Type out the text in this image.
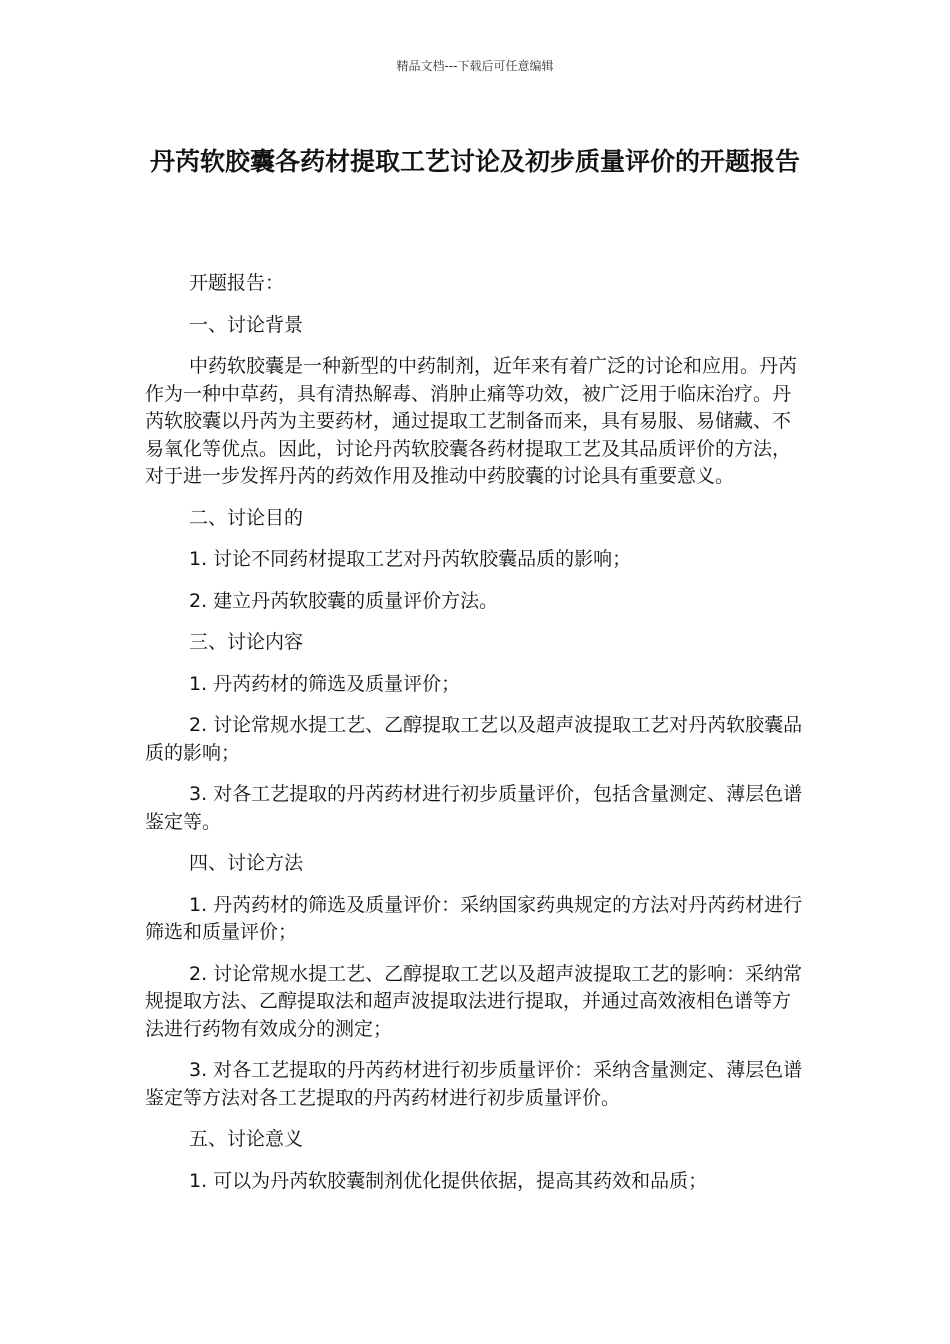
精品文档---下载后可任意编辑
丹芮软胶囊各药材提取工艺讨论及初步质量评价的开题报告

开题报告：

一、讨论背景

中药软胶囊是一种新型的中药制剂，近年来有着广泛的讨论和应用。丹芮作为一种中草药，具有清热解毒、消肿止痛等功效，被广泛用于临床治疗。丹芮软胶囊以丹芮为主要药材，通过提取工艺制备而来，具有易服、易储藏、不易氧化等优点。因此，讨论丹芮软胶囊各药材提取工艺及其品质评价的方法，对于进一步发挥丹芮的药效作用及推动中药胶囊的讨论具有重要意义。

二、讨论目的

1. 讨论不同药材提取工艺对丹芮软胶囊品质的影响；

2. 建立丹芮软胶囊的质量评价方法。

三、讨论内容

1. 丹芮药材的筛选及质量评价；

2. 讨论常规水提工艺、乙醇提取工艺以及超声波提取工艺对丹芮软胶囊品质的影响；

3. 对各工艺提取的丹芮药材进行初步质量评价，包括含量测定、薄层色谱鉴定等。

四、讨论方法

1. 丹芮药材的筛选及质量评价：采纳国家药典规定的方法对丹芮药材进行筛选和质量评价；

2. 讨论常规水提工艺、乙醇提取工艺以及超声波提取工艺的影响：采纳常规提取方法、乙醇提取法和超声波提取法进行提取，并通过高效液相色谱等方法进行药物有效成分的测定；

3. 对各工艺提取的丹芮药材进行初步质量评价：采纳含量测定、薄层色谱鉴定等方法对各工艺提取的丹芮药材进行初步质量评价。

五、讨论意义

1. 可以为丹芮软胶囊制剂优化提供依据，提高其药效和品质；
